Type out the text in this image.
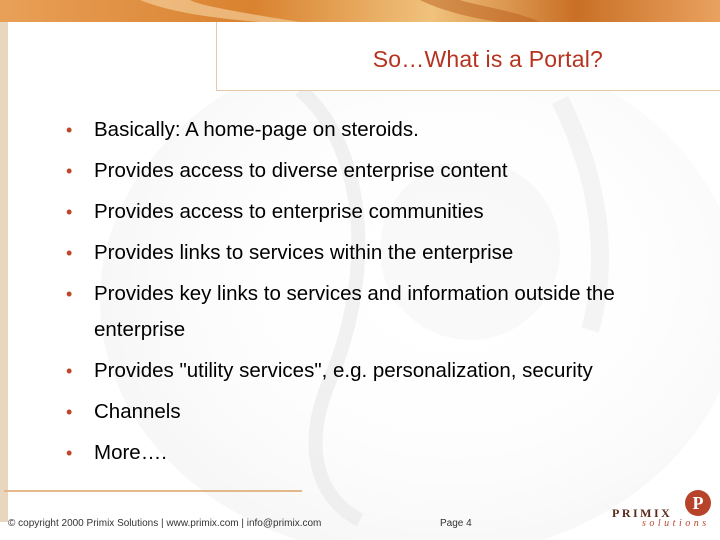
So…What is a Portal?
• Basically: A home-page on steroids.
• Provides access to diverse enterprise content
• Provides access to enterprise communities
• Provides links to services within the enterprise
• Provides key links to services and information outside the enterprise
• Provides "utility services", e.g. personalization, security
• Channels
• More….
© copyright 2000 Primix Solutions | www.primix.com | info@primix.com	Page 4
P
PRIMIX
solutions
